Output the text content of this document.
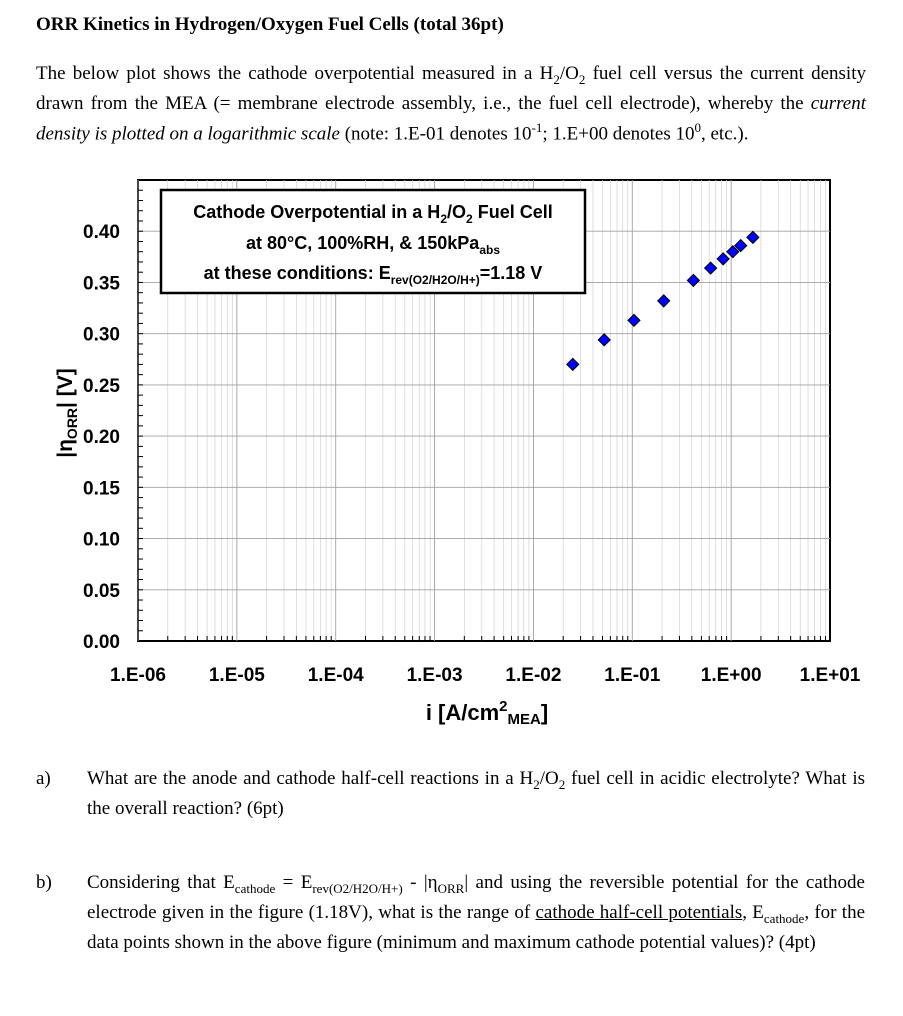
ORR Kinetics in Hydrogen/Oxygen Fuel Cells (total 36pt)
The below plot shows the cathode overpotential measured in a $H_2/O_2$ fuel cell versus the current density drawn from the MEA (= membrane electrode assembly, i.e., the fuel cell electrode), whereby the current density is plotted on a logarithmic scale (note: 1.E-01 denotes $10^{-1}$; 1.E+00 denotes $10^0$, etc.).
0.00
0.05
0.10
0.15
0.20
0.25
0.30
0.35
0.40
1.E-06 1.E-05 1.E-04 1.E-03 1.E-02 1.E-01 1.E+00 1.E+01
Cathode Overpotential in a $H_2/O_2$ Fuel Cell
at 80°C, 100%RH, & 150kPa$_{abs}$
at these conditions: $E_{rev(O2/H2O/H+)}=1.18$ V
i $[A/cm^2_{MEA}]$
$|\eta_{ORR}|$ [V]
a) What are the anode and cathode half-cell reactions in a $H_2/O_2$ fuel cell in acidic electrolyte? What is the overall reaction? (6pt)
b) Considering that $E_{cathode} = E_{rev(O2/H2O/H+)} - |\eta_{ORR}|$ and using the reversible potential for the cathode electrode given in the figure (1.18V), what is the range of cathode half-cell potentials, $E_{cathode}$, for the data points shown in the above figure (minimum and maximum cathode potential values)? (4pt)
